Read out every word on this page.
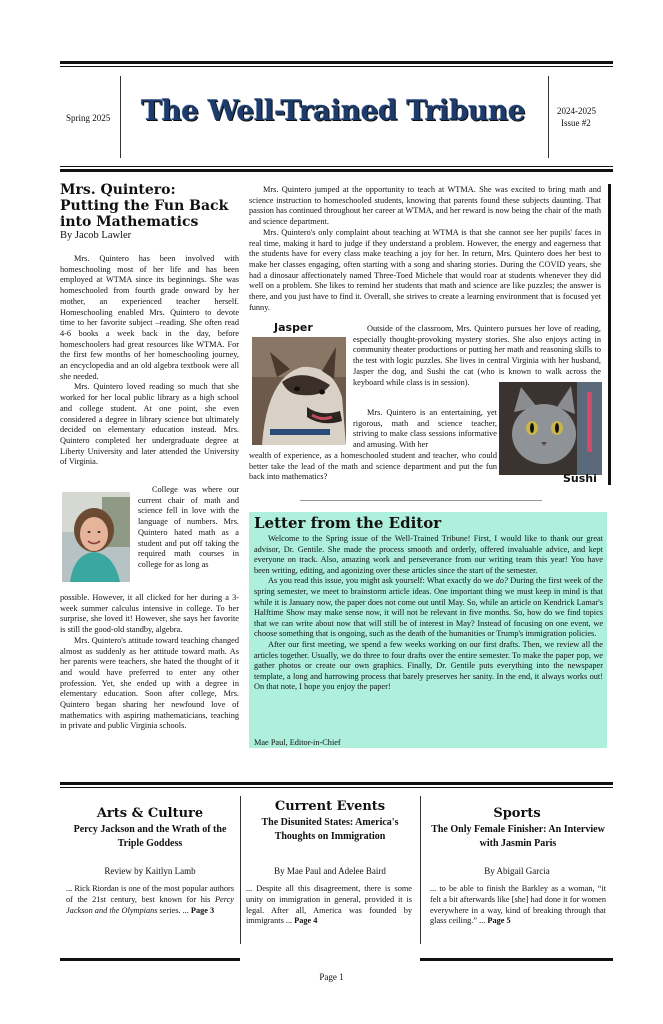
Spring 2025	The Well-Trained Tribune	2024-2025
Issue #2
Mrs. Quintero: Putting the Fun Back into Mathematics
By Jacob Lawler

Mrs. Quintero has been involved with homeschooling most of her life and has been employed at WTMA since its beginnings. She was homeschooled from fourth grade onward by her mother, an experienced teacher herself. Homeschooling enabled Mrs. Quintero to devote time to her favorite subject –reading. She often read 4-6 books a week back in the day, before homeschoolers had great resources like WTMA. For the first few months of her homeschooling journey, an encyclopedia and an old algebra textbook were all she needed.

Mrs. Quintero loved reading so much that she worked for her local public library as a high school and college student. At one point, she even considered a degree in library science but ultimately decided on elementary education instead. Mrs. Quintero completed her undergraduate degree at Liberty University and later attended the University of Virginia.

College was where our current chair of math and science fell in love with the language of numbers. Mrs. Quintero hated math as a student and put off taking the required math courses in college for as long as

possible. However, it all clicked for her during a 3-week summer calculus intensive in college. To her surprise, she loved it! However, she says her favorite is still the good-old standby, algebra.

Mrs. Quintero's attitude toward teaching changed almost as suddenly as her attitude toward math. As her parents were teachers, she hated the thought of it and would have preferred to enter any other profession. Yet, she ended up with a degree in elementary education. Soon after college, Mrs. Quintero began sharing her newfound love of mathematics with aspiring mathematicians, teaching in private and public Virginia schools.

Mrs. Quintero jumped at the opportunity to teach at WTMA. She was excited to bring math and science instruction to homeschooled students, knowing that parents found these subjects daunting. That passion has continued throughout her career at WTMA, and her reward is now being the chair of the math and science department.

Mrs. Quintero's only complaint about teaching at WTMA is that she cannot see her pupils' faces in real time, making it hard to judge if they understand a problem. However, the energy and eagerness that the students have for every class make teaching a joy for her. In return, Mrs. Quintero does her best to make her classes engaging, often starting with a song and sharing stories. During the COVID years, she had a dinosaur affectionately named Three-Toed Michele that would roar at students whenever they did well on a problem. She likes to remind her students that math and science are like puzzles; the answer is there, and you just have to find it. Overall, she strives to create a learning environment that is focused yet funny.

Jasper	Outside of the classroom, Mrs. Quintero pursues her love of reading, especially thought-provoking mystery stories. She also enjoys acting in community theater productions or putting her math and reasoning skills to the test with logic puzzles. She lives in central Virginia with her husband, Jasper the dog, and Sushi the cat (who is known to walk across the keyboard while class is in session).

Mrs. Quintero is an entertaining, yet rigorous, math and science teacher, striving to make class sessions informative and amusing. With her

Sushi

wealth of experience, as a homeschooled student and teacher, who could better take the lead of the math and science department and put the fun back into mathematics?

Letter from the Editor

Welcome to the Spring issue of the Well-Trained Tribune! First, I would like to thank our great advisor, Dr. Gentile. She made the process smooth and orderly, offered invaluable advice, and kept everyone on track. Also, amazing work and perseverance from our writing team this year! You have been writing, editing, and agonizing over these articles since the start of the semester.

As you read this issue, you might ask yourself: What exactly do we do? During the first week of the spring semester, we meet to brainstorm article ideas. One important thing we must keep in mind is that while it is January now, the paper does not come out until May. So, while an article on Kendrick Lamar's Halftime Show may make sense now, it will not be relevant in five months. So, how do we find topics that we can write about now that will still be of interest in May? Instead of focusing on one event, we choose something that is ongoing, such as the death of the humanities or Trump's immigration policies.

After our first meeting, we spend a few weeks working on our first drafts. Then, we review all the articles together. Usually, we do three to four drafts over the entire semester. To make the paper pop, we gather photos or create our own graphics. Finally, Dr. Gentile puts everything into the newspaper template, a long and harrowing process that barely preserves her sanity. In the end, it always works out! On that note, I hope you enjoy the paper!

Mae Paul, Editor-in-Chief
Arts & Culture
Percy Jackson and the Wrath of the Triple Goddess
Review by Kaitlyn Lamb
... Rick Riordan is one of the most popular authors of the 21st century, best known for his Percy Jackson and the Olympians series. ... Page 3
Current Events
The Disunited States: America's Thoughts on Immigration
By Mae Paul and Adelee Baird
... Despite all this disagreement, there is some unity on immigration in general, provided it is legal. After all, America was founded by immigrants ... Page 4
Sports
The Only Female Finisher: An Interview with Jasmin Paris
By Abigail Garcia
... to be able to finish the Barkley as a woman, “it felt a bit afterwards like [she] had done it for women everywhere in a way, kind of breaking through that glass ceiling.” ... Page 5
Page 1
